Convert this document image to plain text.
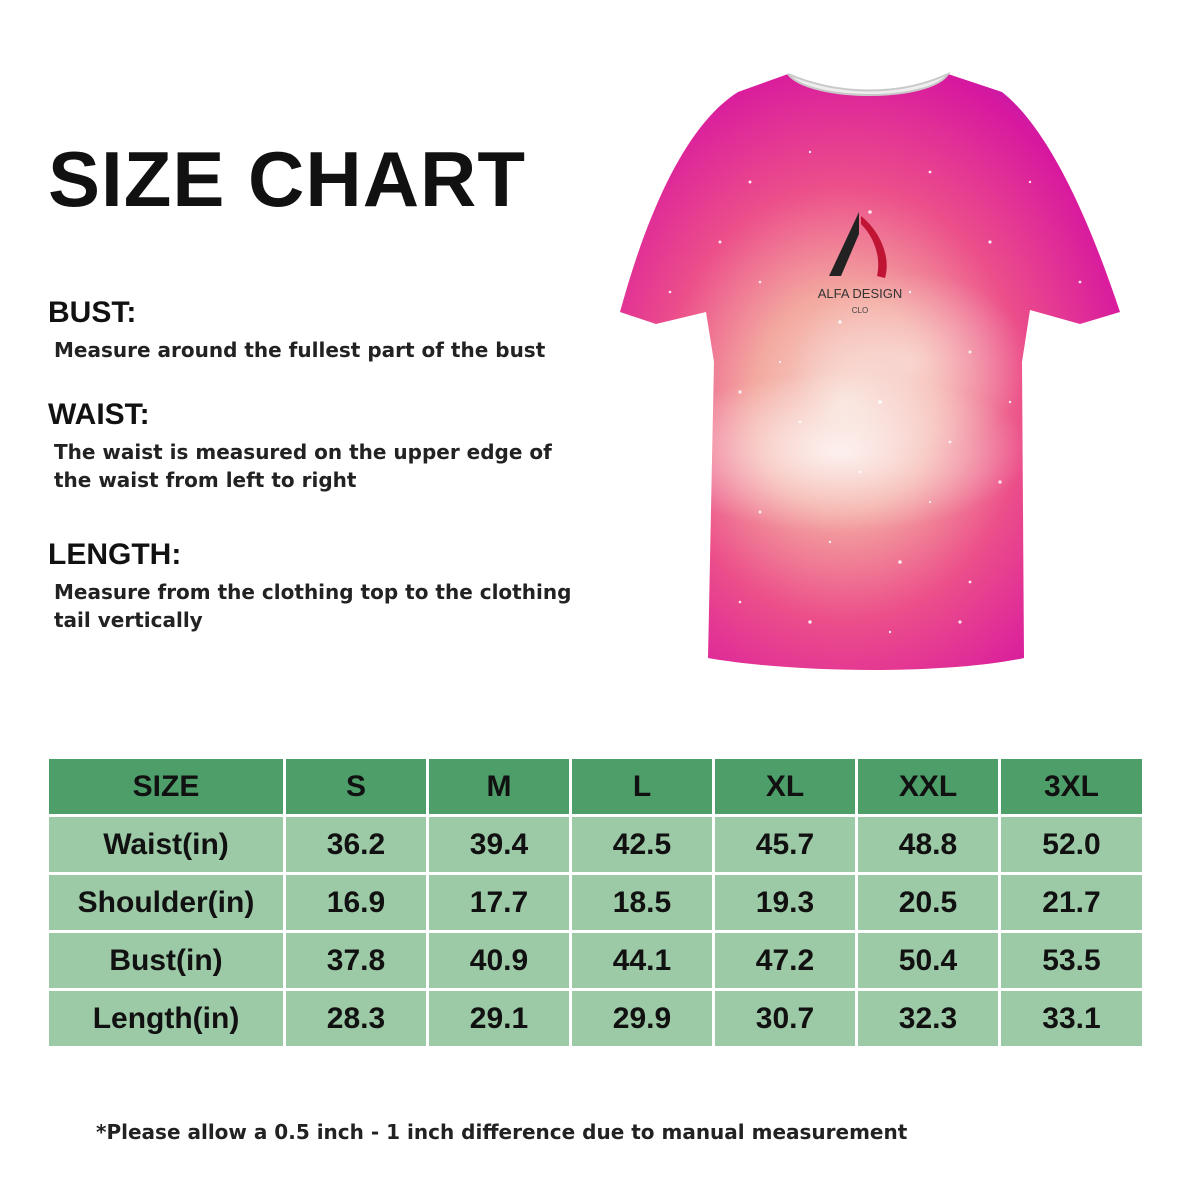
SIZE CHART
BUST:
Measure around the fullest part of the bust
WAIST:
The waist is measured on the upper edge of the waist from left to right
LENGTH:
Measure from the clothing top to the clothing tail vertically
ALFA DESIGN
CLO
SIZE	S	M	L	XL	XXL	3XL
Waist(in)	36.2	39.4	42.5	45.7	48.8	52.0
Shoulder(in)	16.9	17.7	18.5	19.3	20.5	21.7
Bust(in)	37.8	40.9	44.1	47.2	50.4	53.5
Length(in)	28.3	29.1	29.9	30.7	32.3	33.1

*Please allow a 0.5 inch - 1 inch difference due to manual measurement
